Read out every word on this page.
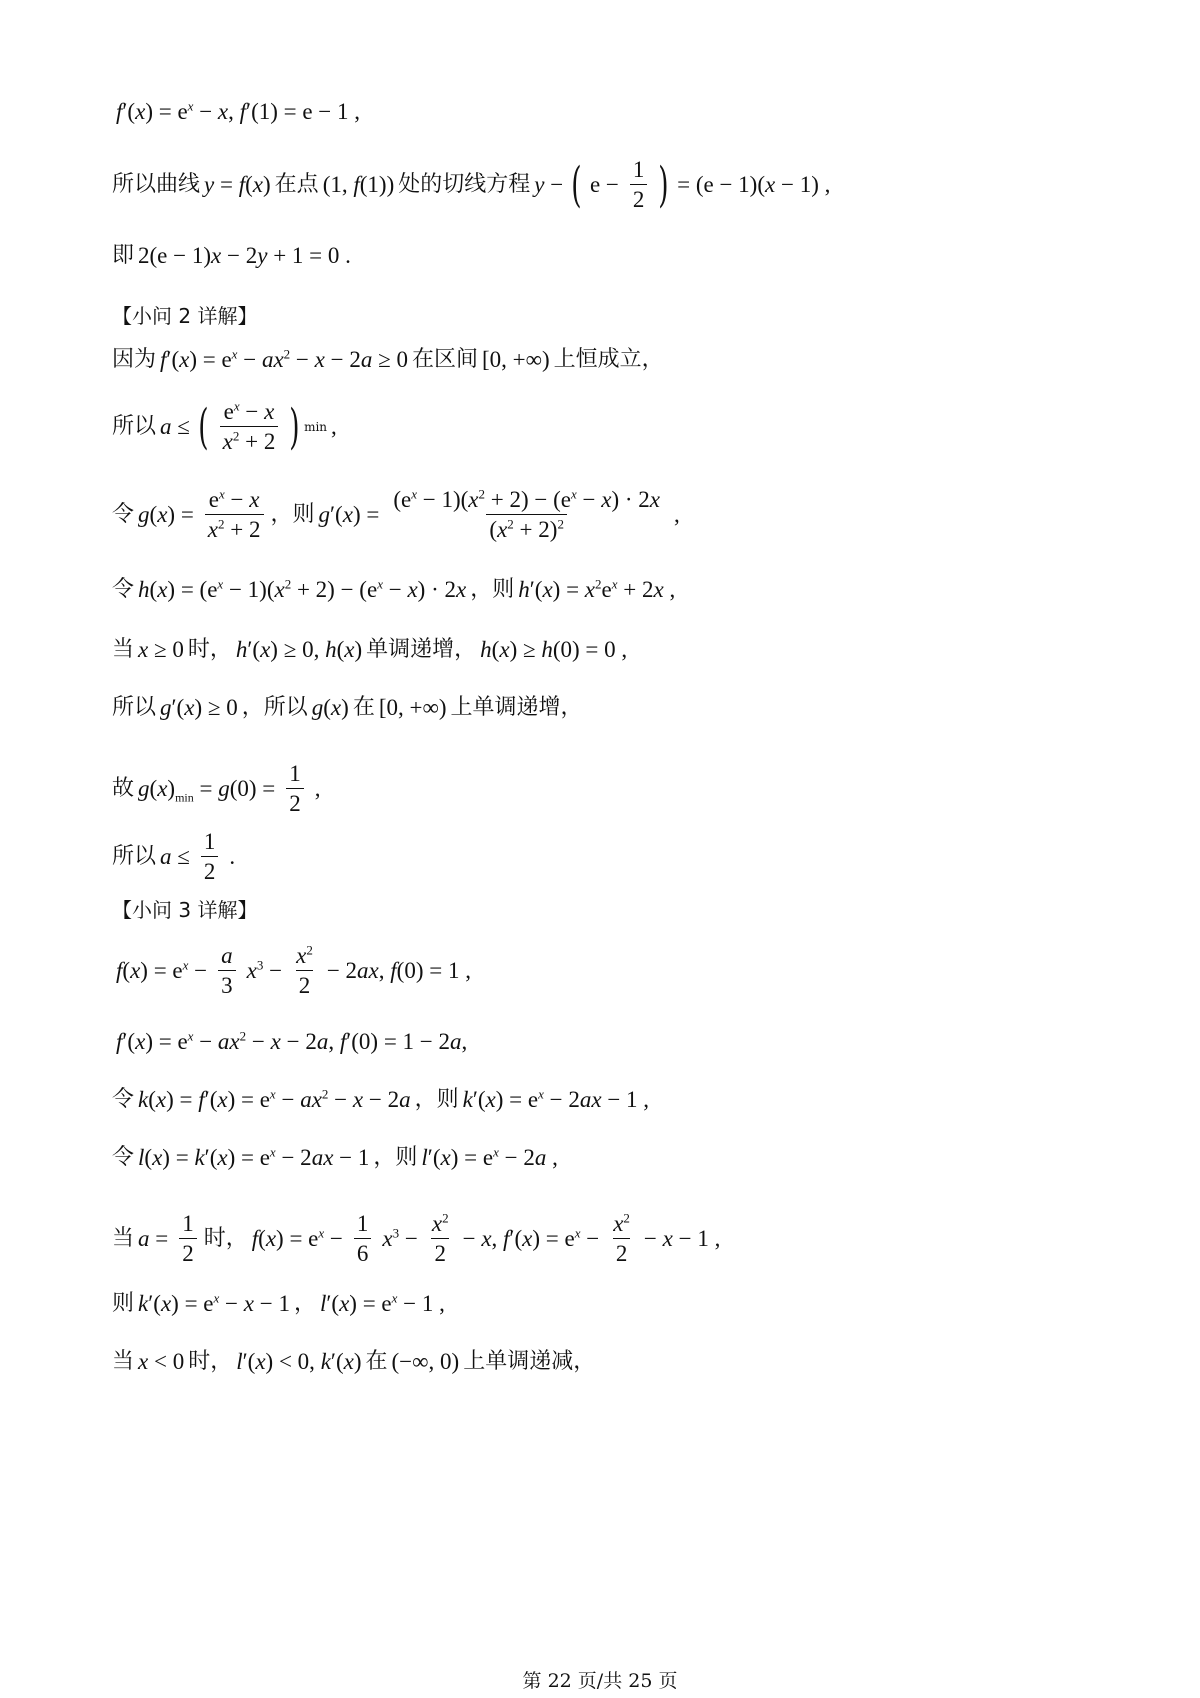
$f'(x) = e^x - x$, f′(1) = e − 1 ,
所以曲线 y = f(x) 在点 (1, f(1)) 处的切线方程 y − ( $e - \frac{1}{2}$ ) = (e − 1)(x − 1) ,
即 2(e − 1)x − 2y + 1 = 0 .
【小问 2 详解】
因为 $f'(x) = e^x - ax^2 - x - 2a \ge 0$ 在区间 [0, +∞) 上恒成立，
所以 a ≤ ( $\frac{e^x - x}{x^2 + 2}$ ) min ,
令 $g(x) = \frac{e^x - x}{x^2 + 2}$ ，则 $g'(x) = \frac{(e^x - 1)(x^2 + 2) - (e^x - x) \cdot 2x}{(x^2 + 2)^2}$ ,
令 $h(x) = (e^x - 1)(x^2 + 2) - (e^x - x) \cdot 2x$ ，则 $h'(x) = x^2e^x + 2x$ ,
当 x ≥ 0 时， h′(x) ≥ 0, h(x) 单调递增， h(x) ≥ h(0) = 0 ,
所以 g′(x) ≥ 0 ，所以 g(x) 在 [0, +∞) 上单调递增，
故 $g(x)_{min} = g(0) = \frac{1}{2}$ ,
所以 $a \le \frac{1}{2}$ .
【小问 3 详解】
$f(x) = e^x - \frac{a}{3} x^3 - \frac{x^2}{2} - 2ax$, f(0) = 1 ,
$f'(x) = e^x - ax^2 - x - 2a$, f′(0) = 1 − 2a,
令 $k(x) = f'(x) = e^x - ax^2 - x - 2a$ ，则 $k'(x) = e^x - 2ax - 1$ ,
令 $l(x) = k'(x) = e^x - 2ax - 1$ ，则 $l'(x) = e^x - 2a$ ,
当 $a = \frac{1}{2}$ 时， $f(x) = e^x - \frac{1}{6} x^3 - \frac{x^2}{2} - x$, $f'(x) = e^x - \frac{x^2}{2} - x - 1$ ,
则 $k'(x) = e^x - x - 1$ ， $l'(x) = e^x - 1$ ,
当 x < 0 时， l′(x) < 0, k′(x) 在 (−∞, 0) 上单调递减，
第 22 页/共 25 页
